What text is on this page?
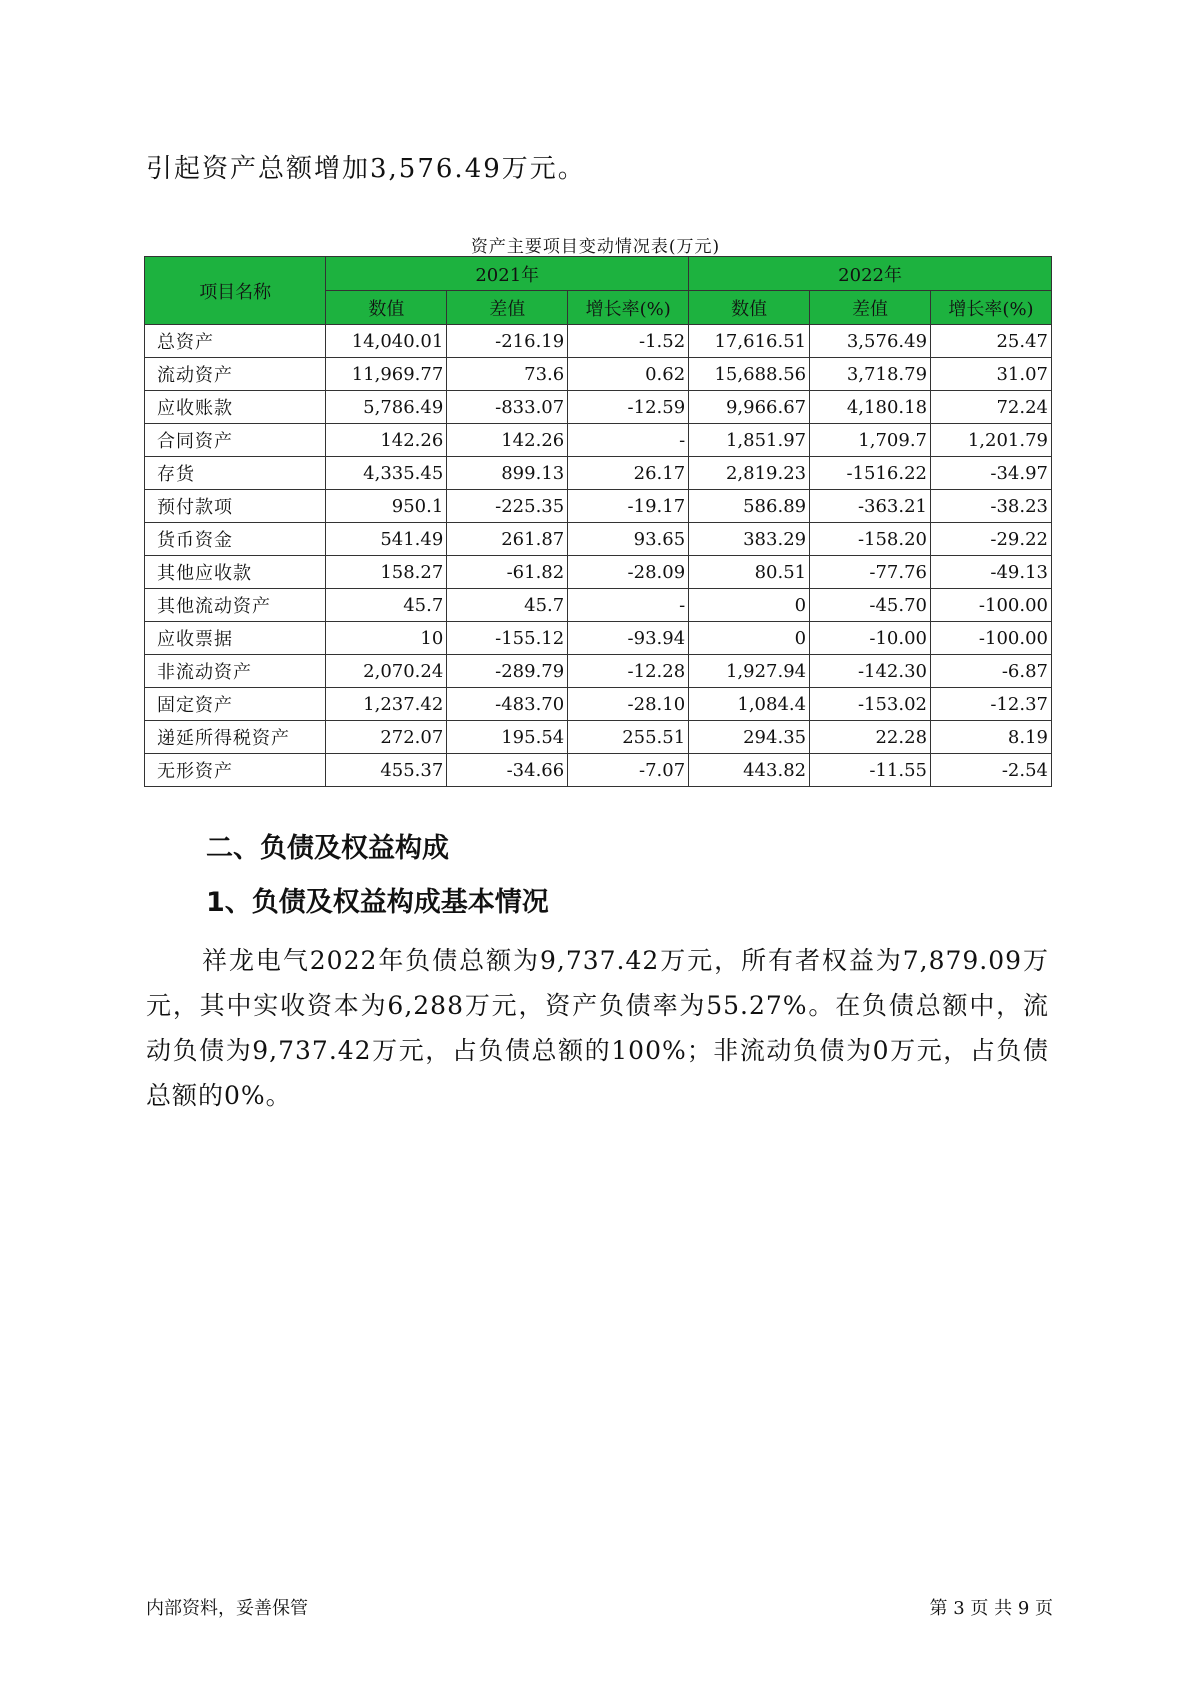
引起资产总额增加3,576.49万元。

资产主要项目变动情况表(万元)
项目名称	2021年			2022年		
	数值	差值	增长率(%)	数值	差值	增长率(%)
总资产	14,040.01	-216.19	-1.52	17,616.51	3,576.49	25.47
流动资产	11,969.77	73.6	0.62	15,688.56	3,718.79	31.07
应收账款	5,786.49	-833.07	-12.59	9,966.67	4,180.18	72.24
合同资产	142.26	142.26	-	1,851.97	1,709.7	1,201.79
存货	4,335.45	899.13	26.17	2,819.23	-1516.22	-34.97
预付款项	950.1	-225.35	-19.17	586.89	-363.21	-38.23
货币资金	541.49	261.87	93.65	383.29	-158.20	-29.22
其他应收款	158.27	-61.82	-28.09	80.51	-77.76	-49.13
其他流动资产	45.7	45.7	-	0	-45.70	-100.00
应收票据	10	-155.12	-93.94	0	-10.00	-100.00
非流动资产	2,070.24	-289.79	-12.28	1,927.94	-142.30	-6.87
固定资产	1,237.42	-483.70	-28.10	1,084.4	-153.02	-12.37
递延所得税资产	272.07	195.54	255.51	294.35	22.28	8.19
无形资产	455.37	-34.66	-7.07	443.82	-11.55	-2.54
二、负债及权益构成
1、负债及权益构成基本情况

祥龙电气2022年负债总额为9,737.42万元，所有者权益为7,879.09万元，其中实收资本为6,288万元，资产负债率为55.27%。在负债总额中，流动负债为9,737.42万元，占负债总额的100%；非流动负债为0万元，占负债总额的0%。

内部资料，妥善保管	第 3 页 共 9 页
